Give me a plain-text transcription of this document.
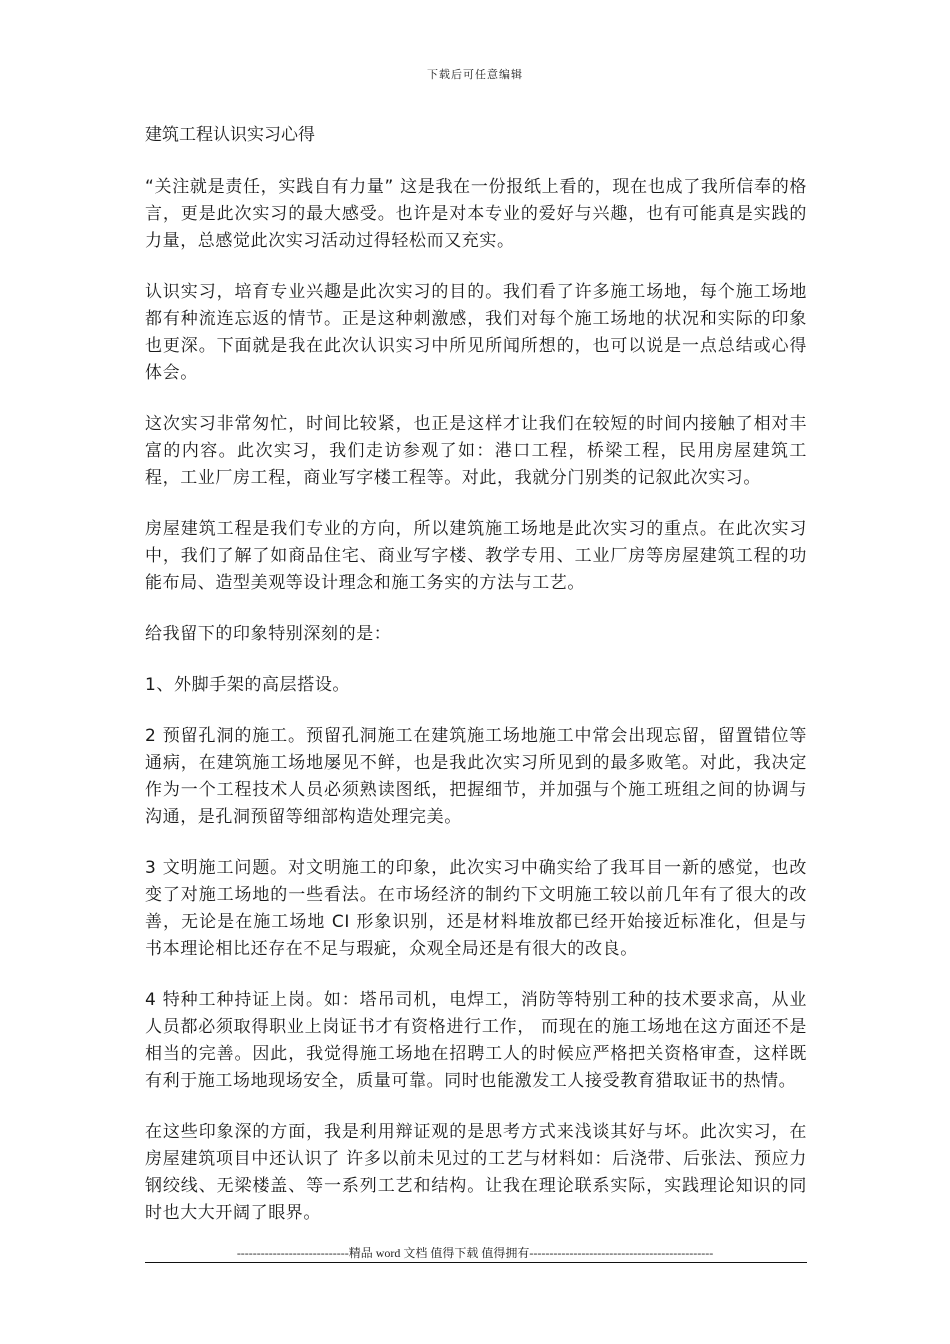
下载后可任意编辑
建筑工程认识实习心得

“关注就是责任，实践自有力量” 这是我在一份报纸上看的，现在也成了我所信奉的格言，更是此次实习的最大感受。也许是对本专业的爱好与兴趣，也有可能真是实践的力量，总感觉此次实习活动过得轻松而又充实。

认识实习，培育专业兴趣是此次实习的目的。我们看了许多施工场地，每个施工场地都有种流连忘返的情节。正是这种刺激感，我们对每个施工场地的状况和实际的印象也更深。下面就是我在此次认识实习中所见所闻所想的，也可以说是一点总结或心得体会。

这次实习非常匆忙，时间比较紧，也正是这样才让我们在较短的时间内接触了相对丰富的内容。此次实习，我们走访参观了如：港口工程，桥梁工程，民用房屋建筑工程，工业厂房工程，商业写字楼工程等。对此，我就分门别类的记叙此次实习。

房屋建筑工程是我们专业的方向，所以建筑施工场地是此次实习的重点。在此次实习中，我们了解了如商品住宅、商业写字楼、教学专用、工业厂房等房屋建筑工程的功能布局、造型美观等设计理念和施工务实的方法与工艺。

给我留下的印象特别深刻的是：

1、外脚手架的高层搭设。

2 预留孔洞的施工。预留孔洞施工在建筑施工场地施工中常会出现忘留，留置错位等通病，在建筑施工场地屡见不鲜，也是我此次实习所见到的最多败笔。对此，我决定作为一个工程技术人员必须熟读图纸，把握细节，并加强与个施工班组之间的协调与沟通，是孔洞预留等细部构造处理完美。

3 文明施工问题。对文明施工的印象，此次实习中确实给了我耳目一新的感觉，也改变了对施工场地的一些看法。在市场经济的制约下文明施工较以前几年有了很大的改善，无论是在施工场地 CI 形象识别，还是材料堆放都已经开始接近标准化，但是与书本理论相比还存在不足与瑕疵，众观全局还是有很大的改良。

4 特种工种持证上岗。如：塔吊司机，电焊工，消防等特别工种的技术要求高，从业人员都必须取得职业上岗证书才有资格进行工作， 而现在的施工场地在这方面还不是相当的完善。因此，我觉得施工场地在招聘工人的时候应严格把关资格审查，这样既有利于施工场地现场安全，质量可靠。同时也能激发工人接受教育猎取证书的热情。

在这些印象深的方面，我是利用辩证观的是思考方式来浅谈其好与坏。此次实习，在房屋建筑项目中还认识了 许多以前未见过的工艺与材料如：后浇带、后张法、预应力钢绞线、无梁楼盖、等一系列工艺和结构。让我在理论联系实际，实践理论知识的同时也大大开阔了眼界。

----------------------------精品 word 文档 值得下载 值得拥有----------------------------------------------
